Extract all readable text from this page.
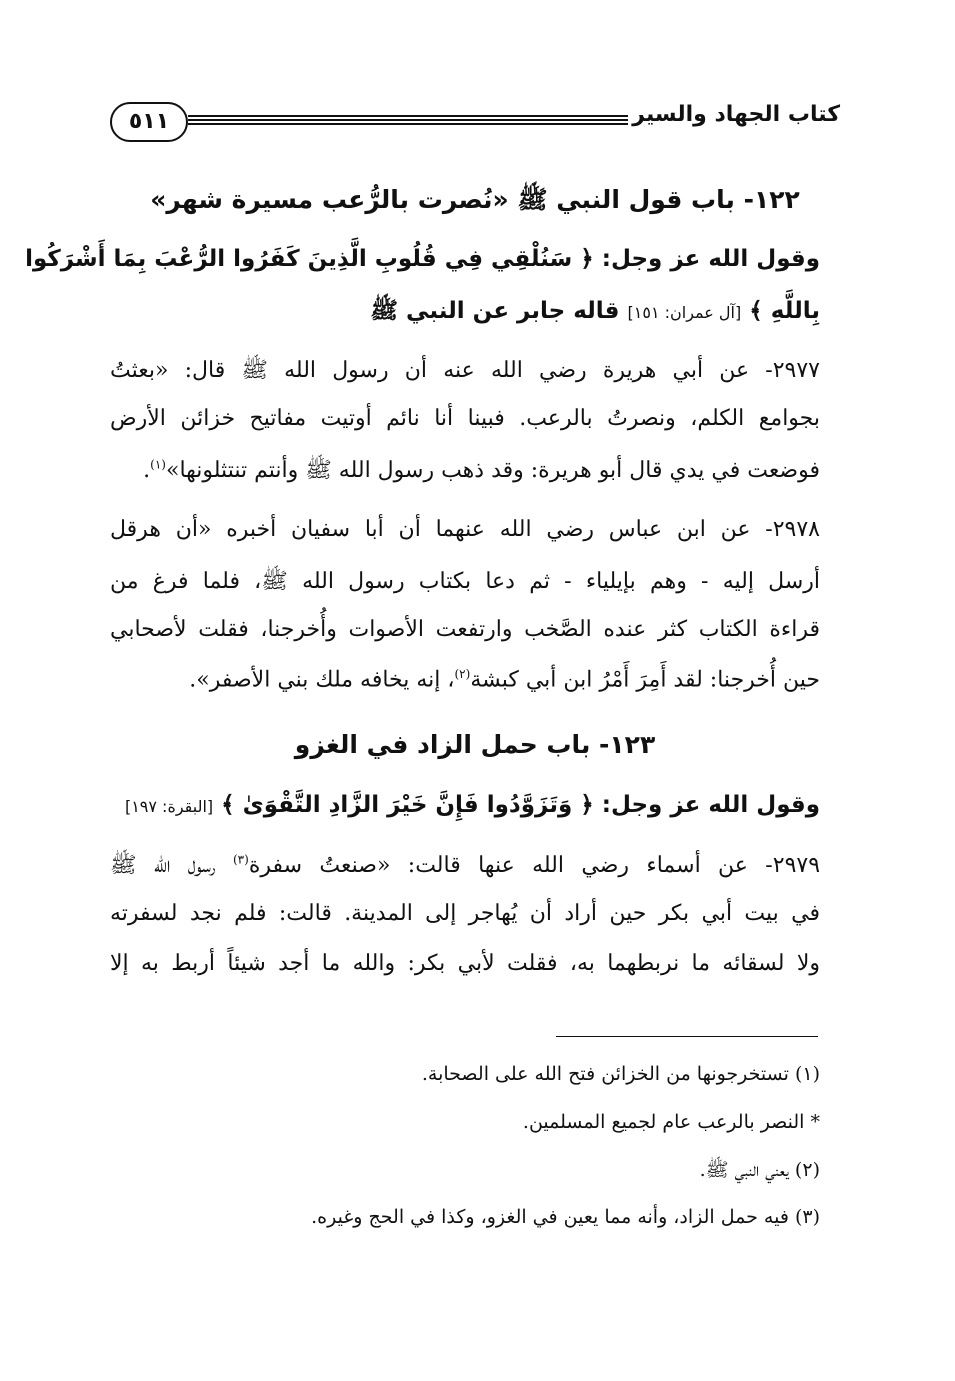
٥١١	كتاب الجهاد والسير
١٢٢- باب قول النبي ﷺ «نُصرت بالرُّعب مسيرة شهر»
وقول الله عز وجل: ﴿ سَنُلْقِي فِي قُلُوبِ الَّذِينَ كَفَرُوا الرُّعْبَ بِمَا أَشْرَكُوا
بِاللَّهِ ﴾ [آل عمران: ١٥١] قاله جابر عن النبي ﷺ
٢٩٧٧- عن أبي هريرة رضي الله عنه أن رسول الله ﷺ قال: «بعثتُ
بجوامع الكلم، ونصرتُ بالرعب. فبينا أنا نائم أوتيت مفاتيح خزائن الأرض
فوضعت في يدي قال أبو هريرة: وقد ذهب رسول الله ﷺ وأنتم تنتثلونها»$^{(١)}$.
٢٩٧٨- عن ابن عباس رضي الله عنهما أن أبا سفيان أخبره «أن هرقل
أرسل إليه - وهم بإيلياء - ثم دعا بكتاب رسول الله ﷺ، فلما فرغ من
قراءة الكتاب كثر عنده الصَّخب وارتفعت الأصوات وأُخرجنا، فقلت لأصحابي
حين أُخرجنا: لقد أَمِرَ أَمْرُ ابن أبي كبشة$^{(٢)}$، إنه يخافه ملك بني الأصفر».
١٢٣- باب حمل الزاد في الغزو
وقول الله عز وجل: ﴿ وَتَزَوَّدُوا فَإِنَّ خَيْرَ الزَّادِ التَّقْوَىٰ ﴾ [البقرة: ١٩٧]
٢٩٧٩- عن أسماء رضي الله عنها قالت: «صنعتُ سفرة$^{(٣)}$ رسول الله ﷺ
في بيت أبي بكر حين أراد أن يُهاجر إلى المدينة. قالت: فلم نجد لسفرته
ولا لسقائه ما نربطهما به، فقلت لأبي بكر: والله ما أجد شيئاً أربط به إلا
(١) تستخرجونها من الخزائن فتح الله على الصحابة.
* النصر بالرعب عام لجميع المسلمين.
(٢) يعني النبي ﷺ.
(٣) فيه حمل الزاد، وأنه مما يعين في الغزو، وكذا في الحج وغيره.
